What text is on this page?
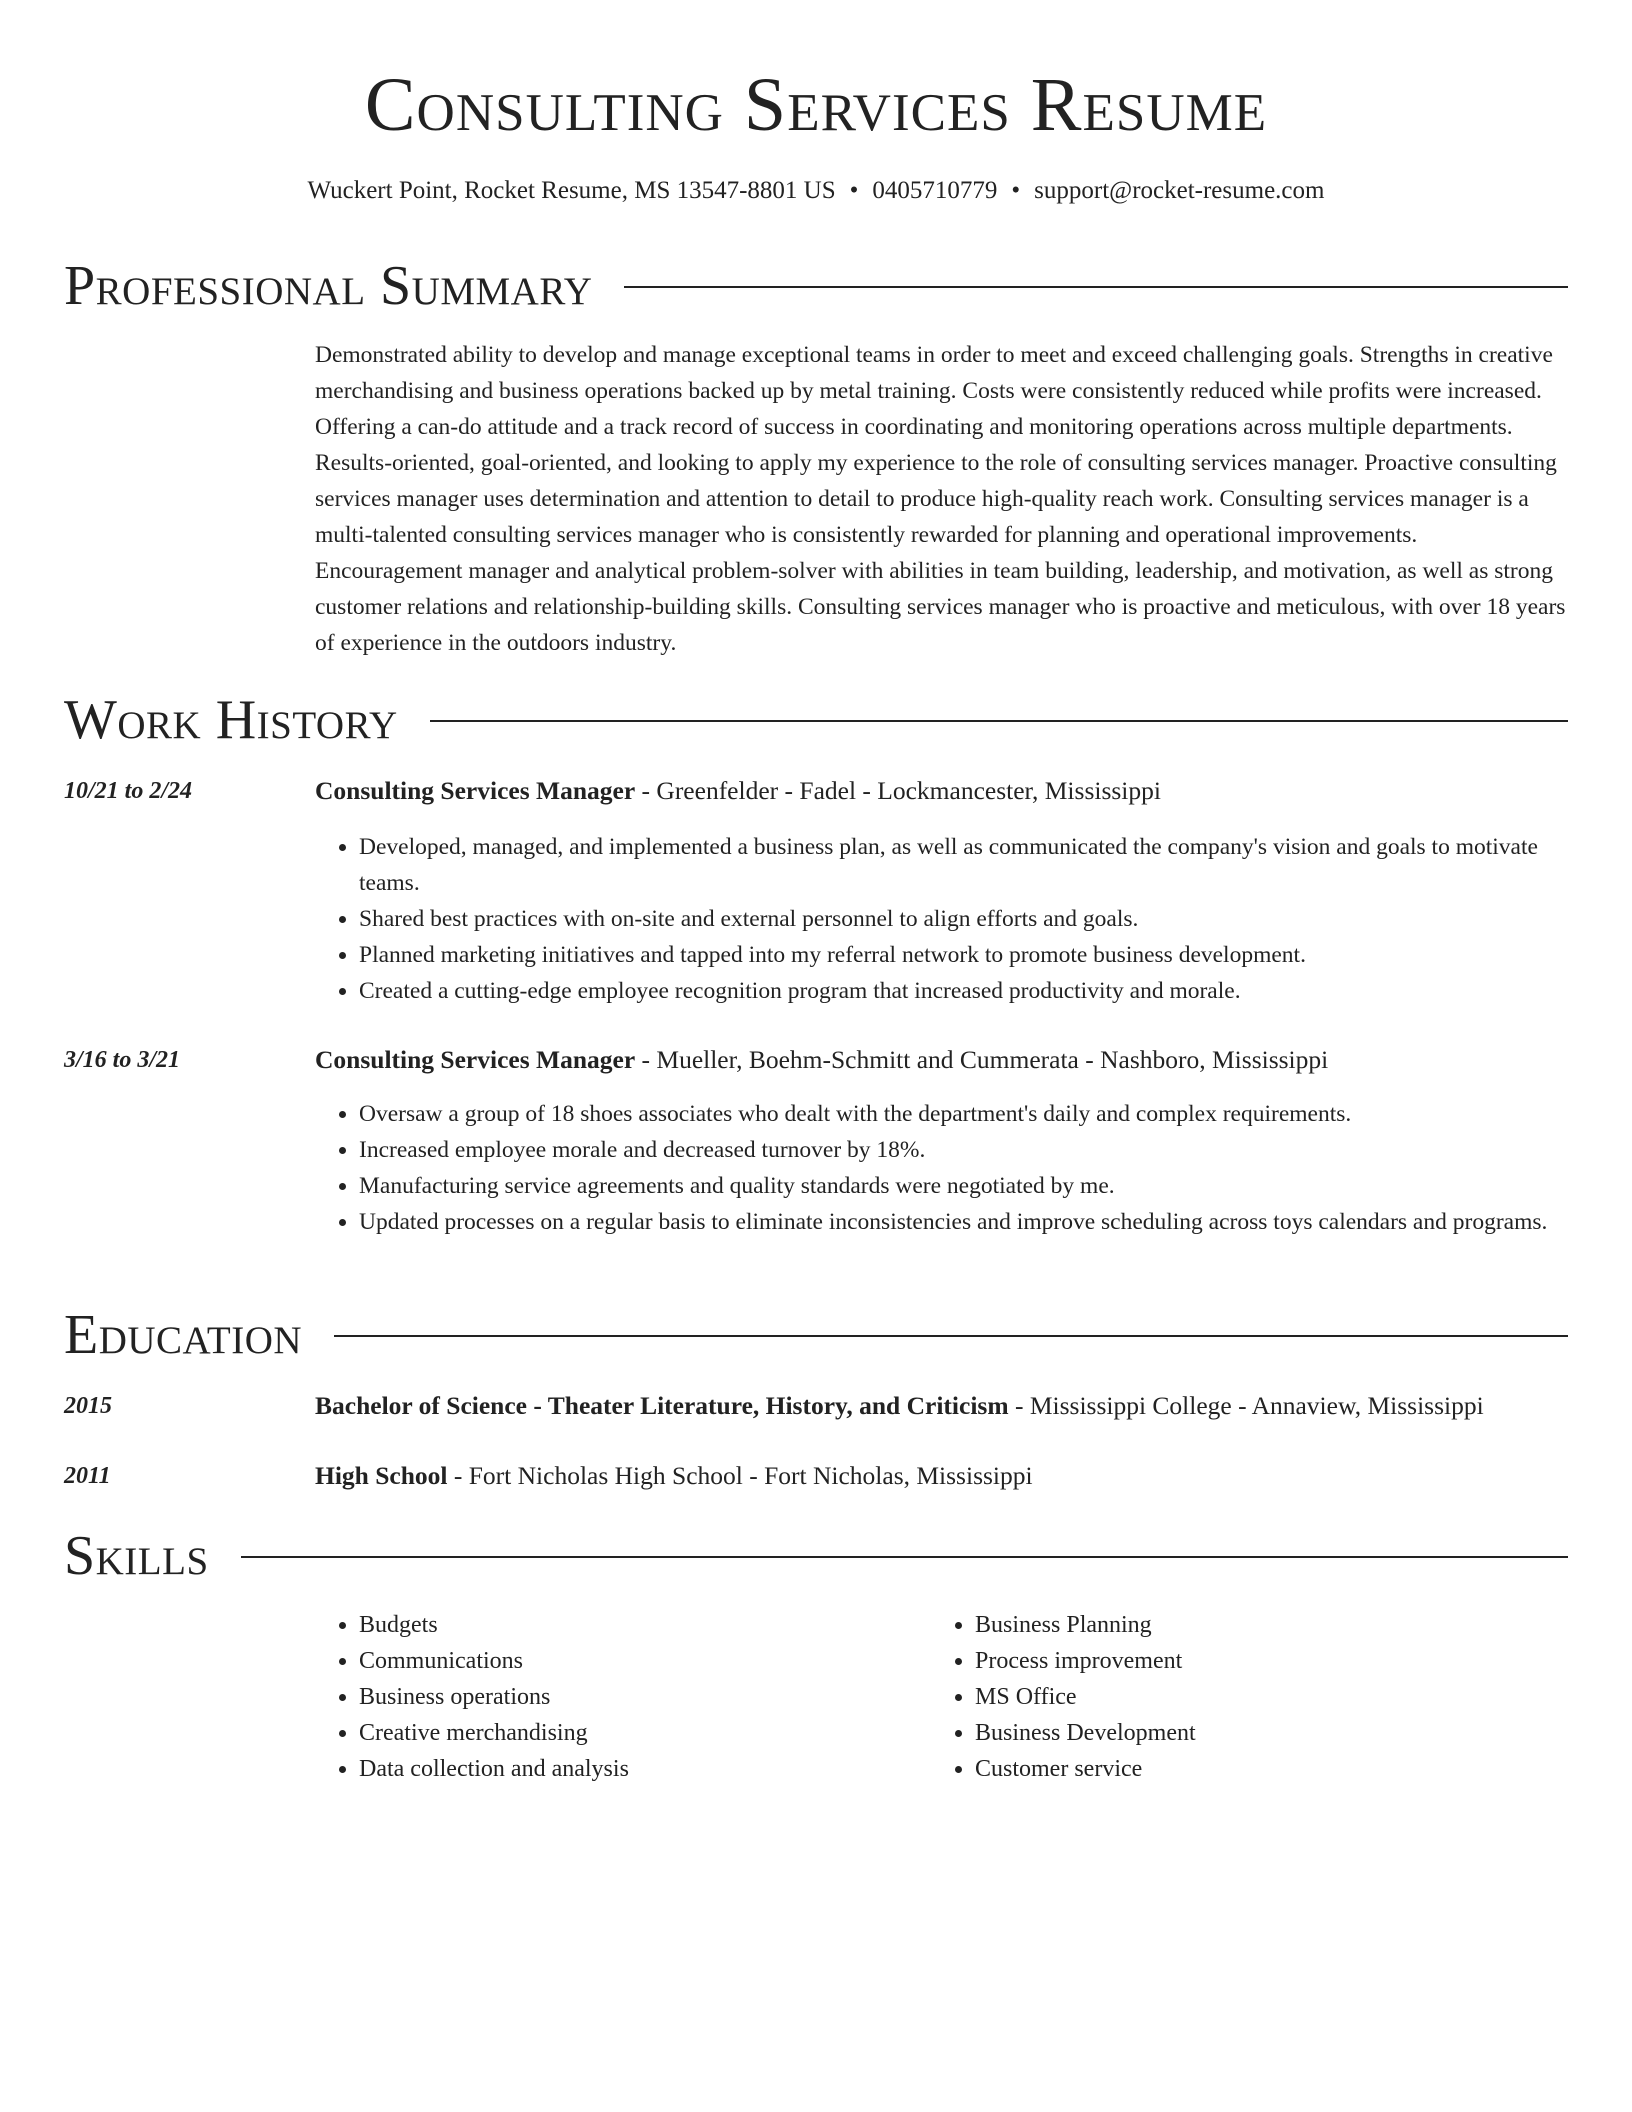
Consulting Services Resume
Wuckert Point, Rocket Resume, MS 13547-8801 US • 0405710779 • support@rocket-resume.com
Professional Summary
Demonstrated ability to develop and manage exceptional teams in order to meet and exceed challenging goals. Strengths in creative merchandising and business operations backed up by metal training. Costs were consistently reduced while profits were increased. Offering a can-do attitude and a track record of success in coordinating and monitoring operations across multiple departments. Results-oriented, goal-oriented, and looking to apply my experience to the role of consulting services manager. Proactive consulting services manager uses determination and attention to detail to produce high-quality reach work. Consulting services manager is a multi-talented consulting services manager who is consistently rewarded for planning and operational improvements. Encouragement manager and analytical problem-solver with abilities in team building, leadership, and motivation, as well as strong customer relations and relationship-building skills. Consulting services manager who is proactive and meticulous, with over 18 years of experience in the outdoors industry.
Work History
10/21 to 2/24	Consulting Services Manager - Greenfelder - Fadel - Lockmancester, Mississippi
• Developed, managed, and implemented a business plan, as well as communicated the company's vision and goals to motivate teams.
• Shared best practices with on-site and external personnel to align efforts and goals.
• Planned marketing initiatives and tapped into my referral network to promote business development.
• Created a cutting-edge employee recognition program that increased productivity and morale.
3/16 to 3/21	Consulting Services Manager - Mueller, Boehm-Schmitt and Cummerata - Nashboro, Mississippi
• Oversaw a group of 18 shoes associates who dealt with the department's daily and complex requirements.
• Increased employee morale and decreased turnover by 18%.
• Manufacturing service agreements and quality standards were negotiated by me.
• Updated processes on a regular basis to eliminate inconsistencies and improve scheduling across toys calendars and programs.
Education
2015	Bachelor of Science - Theater Literature, History, and Criticism - Mississippi College - Annaview, Mississippi
2011	High School - Fort Nicholas High School - Fort Nicholas, Mississippi
Skills
• Budgets
• Communications
• Business operations
• Creative merchandising
• Data collection and analysis
• Business Planning
• Process improvement
• MS Office
• Business Development
• Customer service
